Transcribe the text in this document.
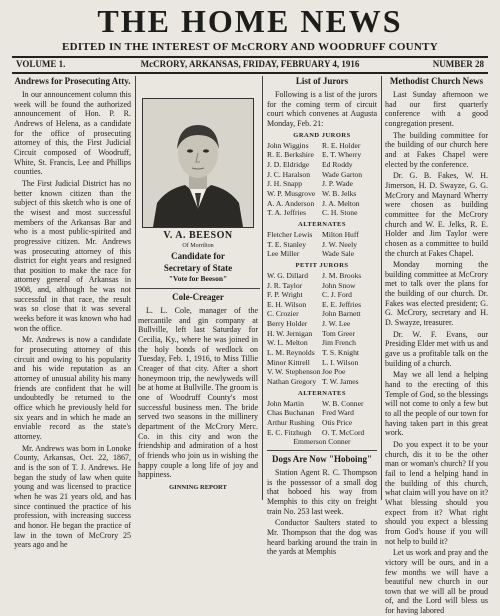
THE HOME NEWS
EDITED IN THE INTEREST OF McCRORY AND WOODRUFF COUNTY
VOLUME 1.	McCRORY, ARKANSAS, FRIDAY, FEBRUARY 4, 1916	NUMBER 28
Andrews for Prosecuting Atty.

In our announcement column this week will be found the authorized announcement of Hon. P. R. Andrews of Helena, as a candidate for the office of prosecuting attorney of this, the First Judicial Circuit composed of Woodruff, White, St. Francis, Lee and Phillips counties.

The First Judicial District has no better known citizen than the subject of this sketch who is one of the wisest and most successful members of the Arkansas Bar and who is a most public-spirited and progressive citizen. Mr. Andrews was prosecuting attorney of this district for eight years and resigned that position to make the race for attorney general of Arkansas in 1908, and, although he was not successful in that race, the result was so close that it was several weeks before it was known who had won the office.

Mr. Andrews is now a candidate for prosecuting attorney of this circuit and owing to his popularity and his wide reputation as an attorney of unusual ability his many friends are confident that he will undoubtedly be returned to the office which he previously held for six years and in which he made an enviable record as the state's attorney.

Mr. Andrews was born in Lonoke County, Arkansas, Oct. 22, 1867, and is the son of T. J. Andrews. He began the study of law when quite young and was licensed to practice when he was 21 years old, and has since continued the practice of his profession, with increasing success and honor. He began the practice of law in the town of McCrory 25 years ago and he

V. A. BEESON
Of Morrilton
Candidate for
Secretary of State
"Vote for Beeson"
Cole-Creager

L. L. Cole, manager of the mercantile and gin company at Bullville, left last Saturday for Cecilia, Ky., where he was joined in the holy bonds of wedlock on Tuesday, Feb. 1, 1916, to Miss Tillie Creager of that city. After a short honeymoon trip, the newlyweds will be at home at Bullville. The groom is one of Woodruff County's most successful business men. The bride served two seasons in the millinery department of the McCrory Merc. Co. in this city and won the friendship and admiration of a host of friends who join us in wishing the happy couple a long life of joy and happiness.

GINNING REPORT
List of Jurors

Following is a list of the jurors for the coming term of circuit court which convenes at Augusta Monday, Feb. 21:

GRAND JURORS
John Wiggins	R. E. Holder
R. E. Berkshire	E. T. Wherry
J. D. Eldridge	Ed Roddy
J. C. Haralson	Wade Garton
J. H. Snapp	J. P. Wade
W. P. Musgrove W. B. Jelks
A. A. Anderson	J. A. Melton
T. A. Jeffries	C. H. Stone
ALTERNATES
Fletcher Lewis	Milton Huff
T. E. Stanley	J. W. Neely
Lee Miller	Wade Sale
PETIT JURORS
W. G. Dillard	J. M. Brooks
J. R. Taylor	John Snow
F. P. Wright	C. J. Ford
E. H. Wilson	E. E. Jeffries
C. Crozier	John Barnett
Berry Holder	J. W. Lee
H. W. Jernigan	Tom Greer
W. L. Melton	Jim French
L. M. Reynolds T. S. Knight
Minor Kittrell	L. I. Wilson
V. W. Stephenson Joe Poe
Nathan Gregory T. W. James
ALTERNATES
John Martin	W. B. Conner
Chas Buchanan Fred Ward
Arthur Rushing Otis Price
E. C. Fitzhugh	O. T. McCord
Emmerson Conner
Dogs Are Now "Hoboing"

Station Agent R. C. Thompson is the possessor of a small dog that hoboed his way from Memphis to this city on freight train No. 253 last week.

Conductor Saulters stated to Mr. Thompson that the dog was heard barking around the train in the yards at Memphis

Methodist Church News

Last Sunday afternoon we had our first quarterly conference with a good congregation present.

The building committee for the building of our church here and at Fakes Chapel were elected by the conference.

Dr. G. B. Fakes, W. H. Jimerson, H. D. Swayze, G. G. McCrory and Maynard Wherry were chosen as building committee for the McCrory church and W. E. Jelks, R. E. Holder and Jim Taylor were chosen as a committee to build the church at Fakes Chapel.

Monday morning the building committee at McCrory met to talk over the plans for the building of our church. Dr. Fakes was elected president; G. G. McCrory, secretary and H. D. Swayze, treasurer.

Dr. W. F. Evans, our Presiding Elder met with us and gave us a profitable talk on the building of a church.

May we all lend a helping hand to the erecting of this Temple of God, so the blessings will not come to only a few but to all the people of our town for having taken part in this great work.

Do you expect it to be your church, dis it to be the other man or woman's church? If you fail to lend a helping hand in the building of this church, what claim will you have on it? What blessing should you expect from it? What right should you expect a blessing from God's house if you will not help to build it?

Let us work and pray and the victory will be ours, and in a few months we will have a beautiful new church in our town that we will all be proud of, and the Lord will bless us for having labored
